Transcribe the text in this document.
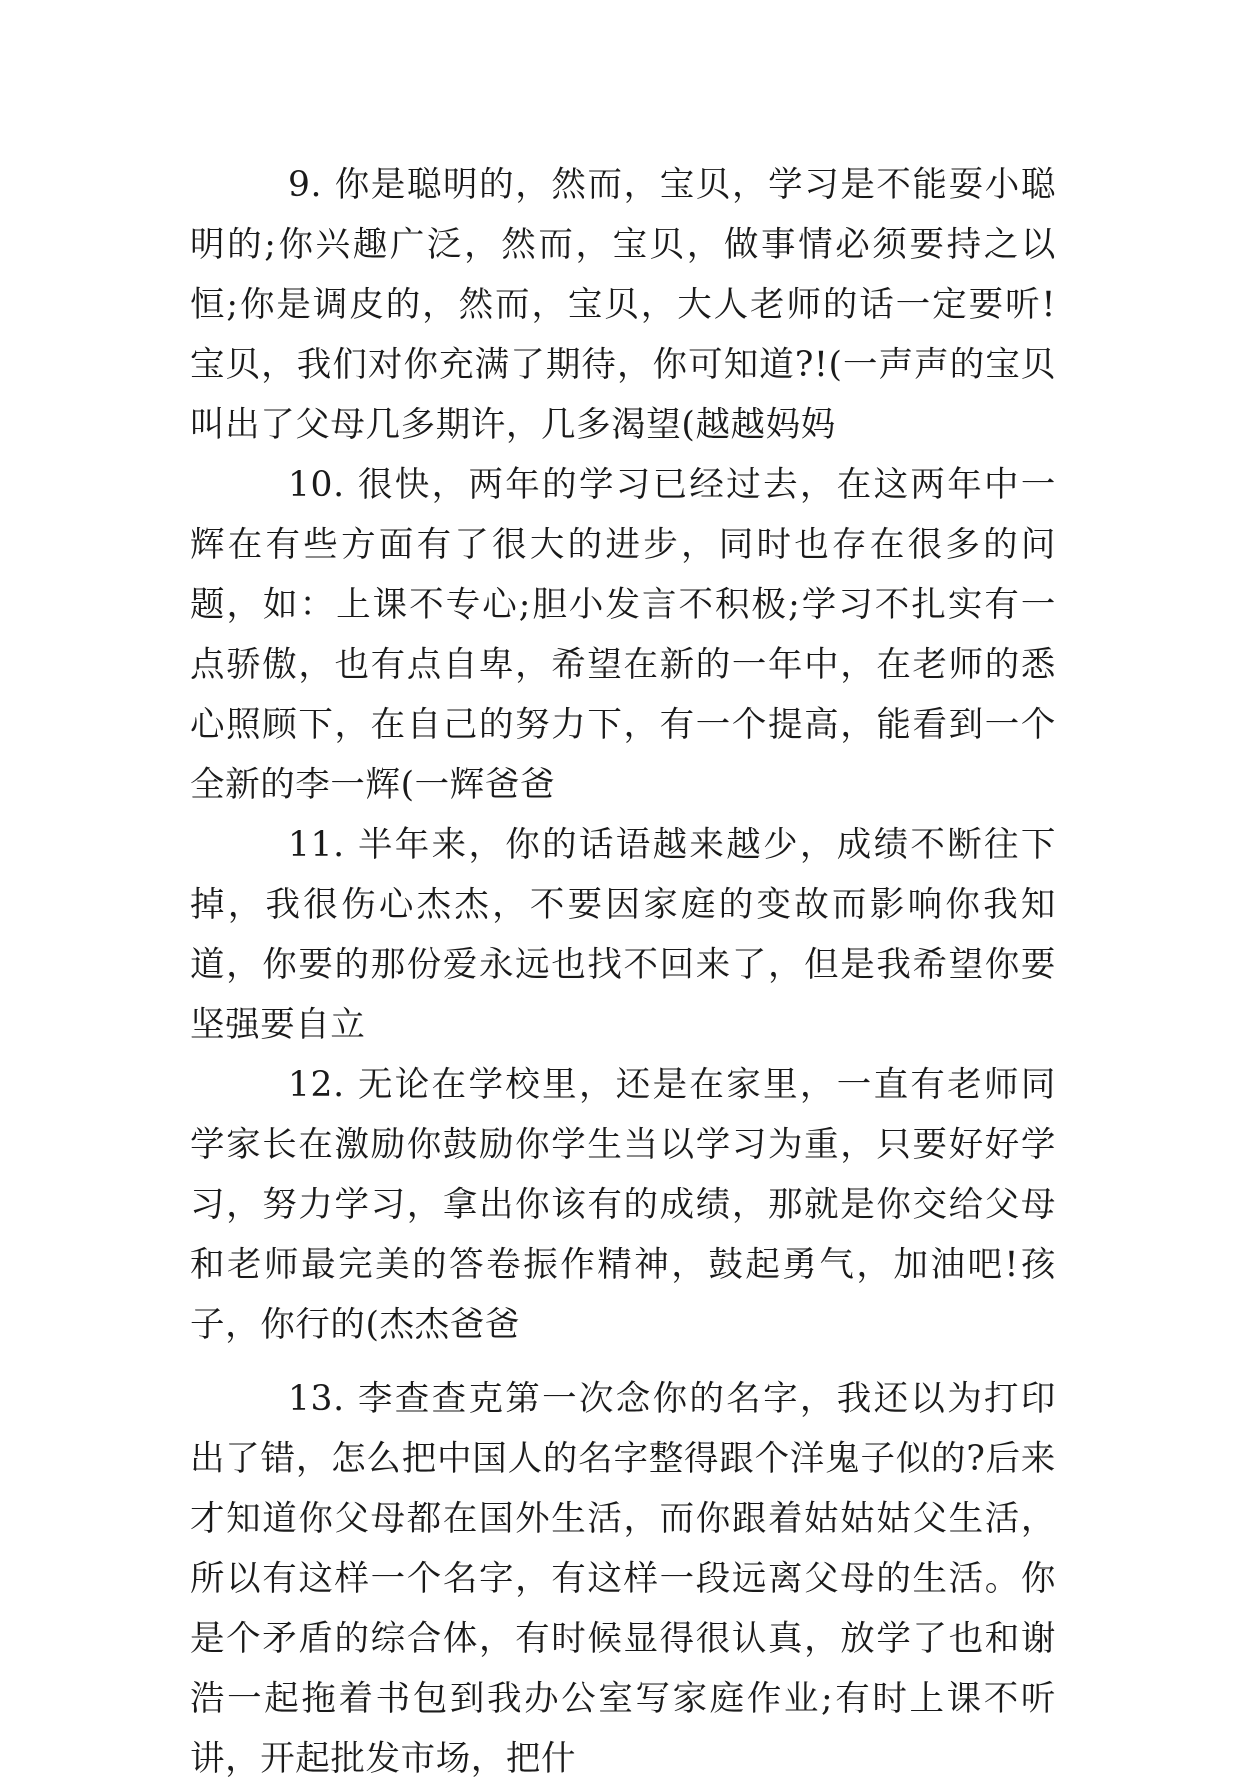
9. 你是聪明的，然而，宝贝，学习是不能耍小聪明的;你兴趣广泛，然而，宝贝，做事情必须要持之以恒;你是调皮的，然而，宝贝，大人老师的话一定要听!宝贝，我们对你充满了期待，你可知道?!(一声声的宝贝叫出了父母几多期许，几多渴望(越越妈妈

10. 很快，两年的学习已经过去，在这两年中一辉在有些方面有了很大的进步，同时也存在很多的问题，如：上课不专心;胆小发言不积极;学习不扎实有一点骄傲，也有点自卑，希望在新的一年中，在老师的悉心照顾下，在自己的努力下，有一个提高，能看到一个全新的李一辉(一辉爸爸

11. 半年来，你的话语越来越少，成绩不断往下掉，我很伤心杰杰，不要因家庭的变故而影响你我知道，你要的那份爱永远也找不回来了，但是我希望你要坚强要自立

12. 无论在学校里，还是在家里，一直有老师同学家长在激励你鼓励你学生当以学习为重，只要好好学习，努力学习，拿出你该有的成绩，那就是你交给父母和老师最完美的答卷振作精神，鼓起勇气，加油吧!孩子，你行的(杰杰爸爸

13. 李查查克第一次念你的名字，我还以为打印出了错，怎么把中国人的名字整得跟个洋鬼子似的?后来才知道你父母都在国外生活，而你跟着姑姑姑父生活，所以有这样一个名字，有这样一段远离父母的生活。你是个矛盾的综合体，有时候显得很认真，放学了也和谢浩一起拖着书包到我办公室写家庭作业;有时上课不听讲，开起批发市场，把什
